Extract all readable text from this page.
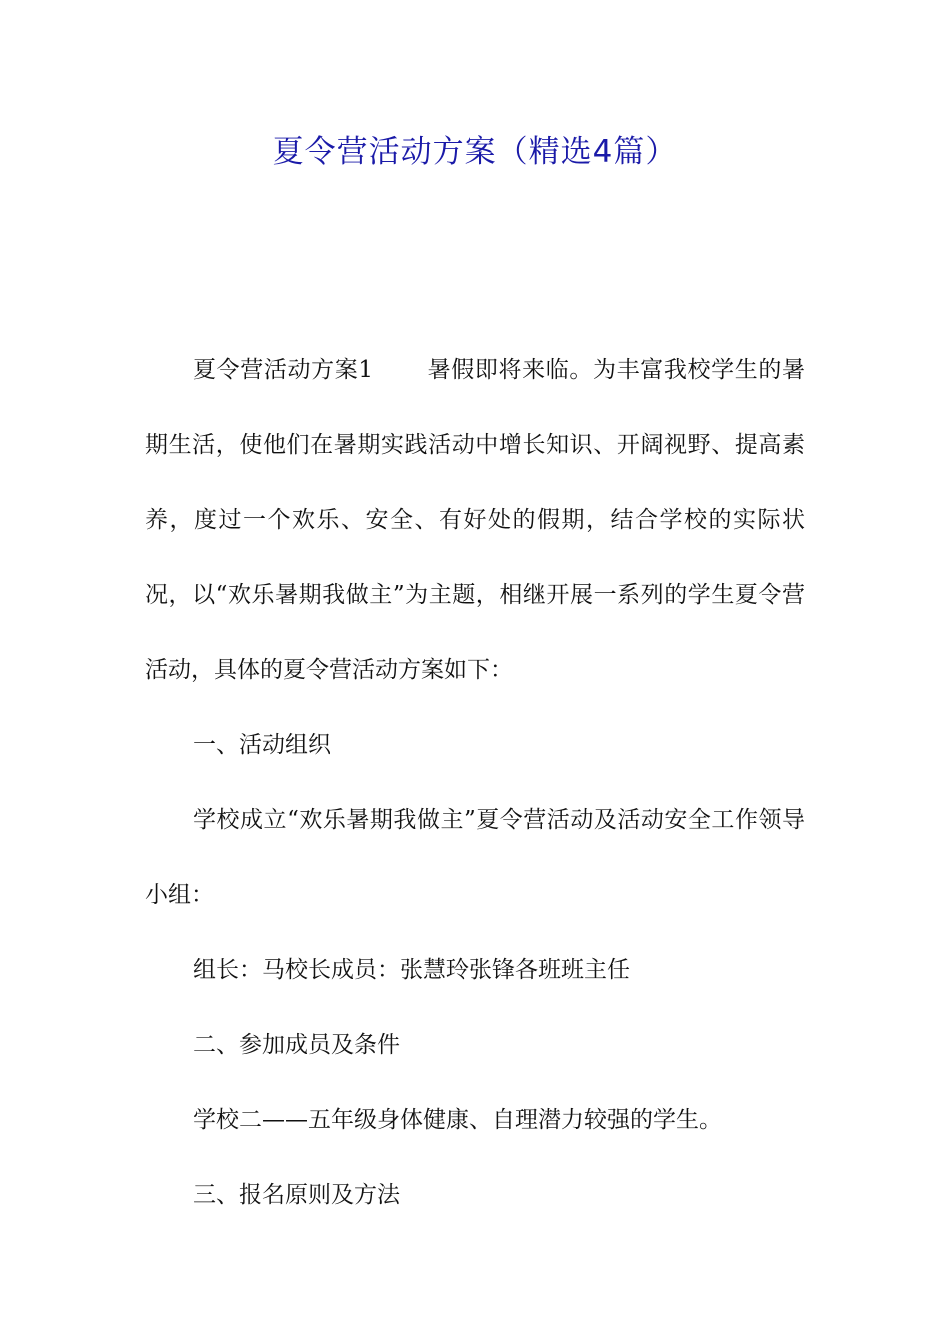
夏令营活动方案（精选4篇）

夏令营活动方案1 暑假即将来临。为丰富我校学生的暑期生活，使他们在暑期实践活动中增长知识、开阔视野、提高素养，度过一个欢乐、安全、有好处的假期，结合学校的实际状况，以“欢乐暑期我做主”为主题，相继开展一系列的学生夏令营活动，具体的夏令营活动方案如下：

一、活动组织

学校成立“欢乐暑期我做主”夏令营活动及活动安全工作领导小组：

组长：马校长成员：张慧玲张锋各班班主任

二、参加成员及条件

学校二——五年级身体健康、自理潜力较强的学生。

三、报名原则及方法
